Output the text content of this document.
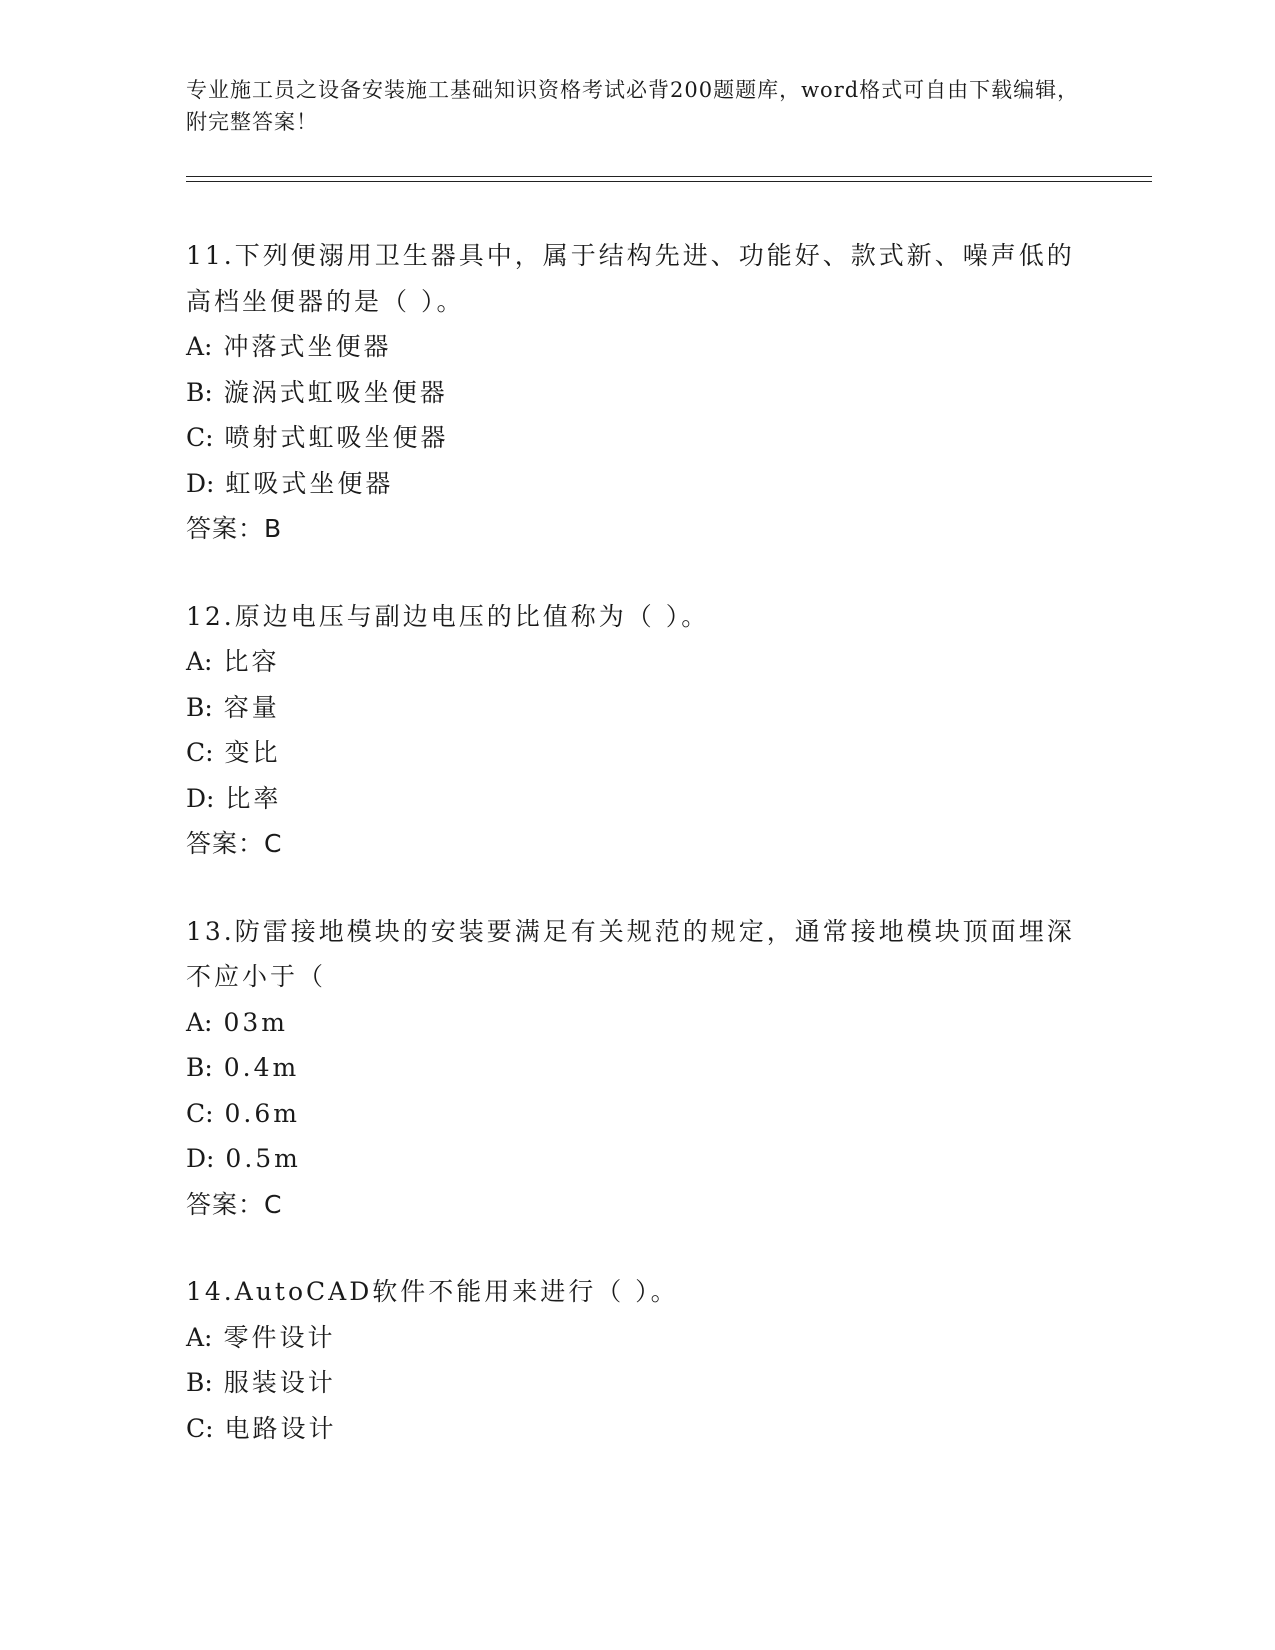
专业施工员之设备安装施工基础知识资格考试必背200题题库，word格式可自由下载编辑，附完整答案！

11.下列便溺用卫生器具中，属于结构先进、功能好、款式新、噪声低的高档坐便器的是（ ）。

A: 冲落式坐便器

B: 漩涡式虹吸坐便器

C: 喷射式虹吸坐便器

D: 虹吸式坐便器

答案：B

12.原边电压与副边电压的比值称为（ ）。

A: 比容

B: 容量

C: 变比

D: 比率

答案：C

13.防雷接地模块的安装要满足有关规范的规定，通常接地模块顶面埋深不应小于（

A: 03m

B: 0.4m

C: 0.6m

D: 0.5m

答案：C

14.AutoCAD软件不能用来进行（ ）。

A: 零件设计

B: 服装设计

C: 电路设计
